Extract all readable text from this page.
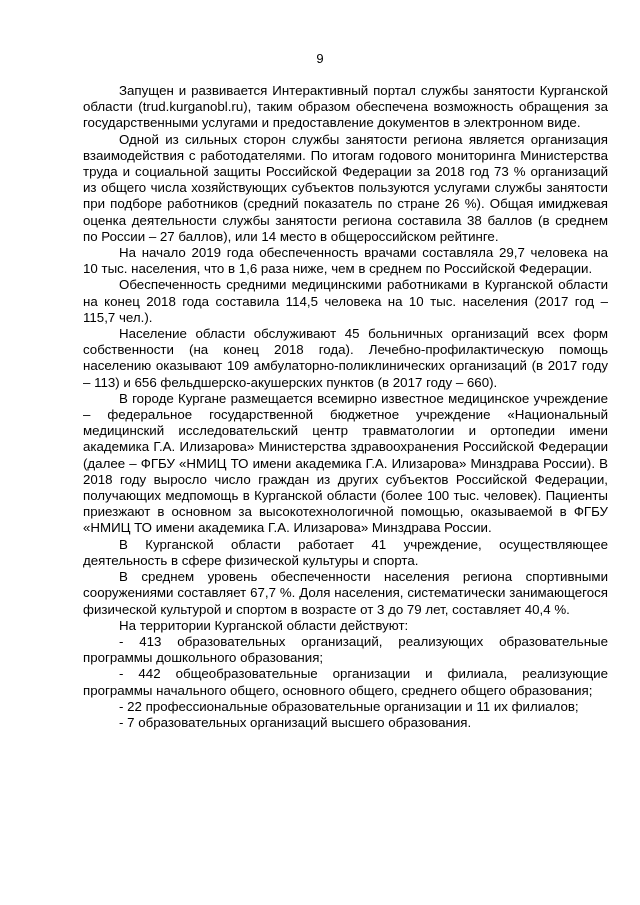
9

Запущен и развивается Интерактивный портал службы занятости Курганской области (trud.kurganobl.ru), таким образом обеспечена возможность обращения за государственными услугами и предоставление документов в электронном виде.

Одной из сильных сторон службы занятости региона является организация взаимодействия с работодателями. По итогам годового мониторинга Министерства труда и социальной защиты Российской Федерации за 2018 год 73 % организаций из общего числа хозяйствующих субъектов пользуются услугами службы занятости при подборе работников (средний показатель по стране 26 %). Общая имиджевая оценка деятельности службы занятости региона составила 38 баллов (в среднем по России – 27 баллов), или 14 место в общероссийском рейтинге.

На начало 2019 года обеспеченность врачами составляла 29,7 человека на 10 тыс. населения, что в 1,6 раза ниже, чем в среднем по Российской Федерации.

Обеспеченность средними медицинскими работниками в Курганской области на конец 2018 года составила 114,5 человека на 10 тыс. населения (2017 год – 115,7 чел.).

Население области обслуживают 45 больничных организаций всех форм собственности (на конец 2018 года). Лечебно-профилактическую помощь населению оказывают 109 амбулаторно-поликлинических организаций (в 2017 году – 113) и 656 фельдшерско-акушерских пунктов (в 2017 году – 660).

В городе Кургане размещается всемирно известное медицинское учреждение – федеральное государственной бюджетное учреждение «Национальный медицинский исследовательский центр травматологии и ортопедии имени академика Г.А. Илизарова» Министерства здравоохранения Российской Федерации (далее – ФГБУ «НМИЦ ТО имени академика Г.А. Илизарова» Минздрава России). В 2018 году выросло число граждан из других субъектов Российской Федерации, получающих медпомощь в Курганской области (более 100 тыс. человек). Пациенты приезжают в основном за высокотехнологичной помощью, оказываемой в ФГБУ «НМИЦ ТО имени академика Г.А. Илизарова» Минздрава России.

В Курганской области работает 41 учреждение, осуществляющее деятельность в сфере физической культуры и спорта.

В среднем уровень обеспеченности населения региона спортивными сооружениями составляет 67,7 %. Доля населения, систематически занимающегося физической культурой и спортом в возрасте от 3 до 79 лет, составляет 40,4 %.

На территории Курганской области действуют:

- 413 образовательных организаций, реализующих образовательные программы дошкольного образования;

- 442 общеобразовательные организации и филиала, реализующие программы начального общего, основного общего, среднего общего образования;

- 22 профессиональные образовательные организации и 11 их филиалов;

- 7 образовательных организаций высшего образования.
